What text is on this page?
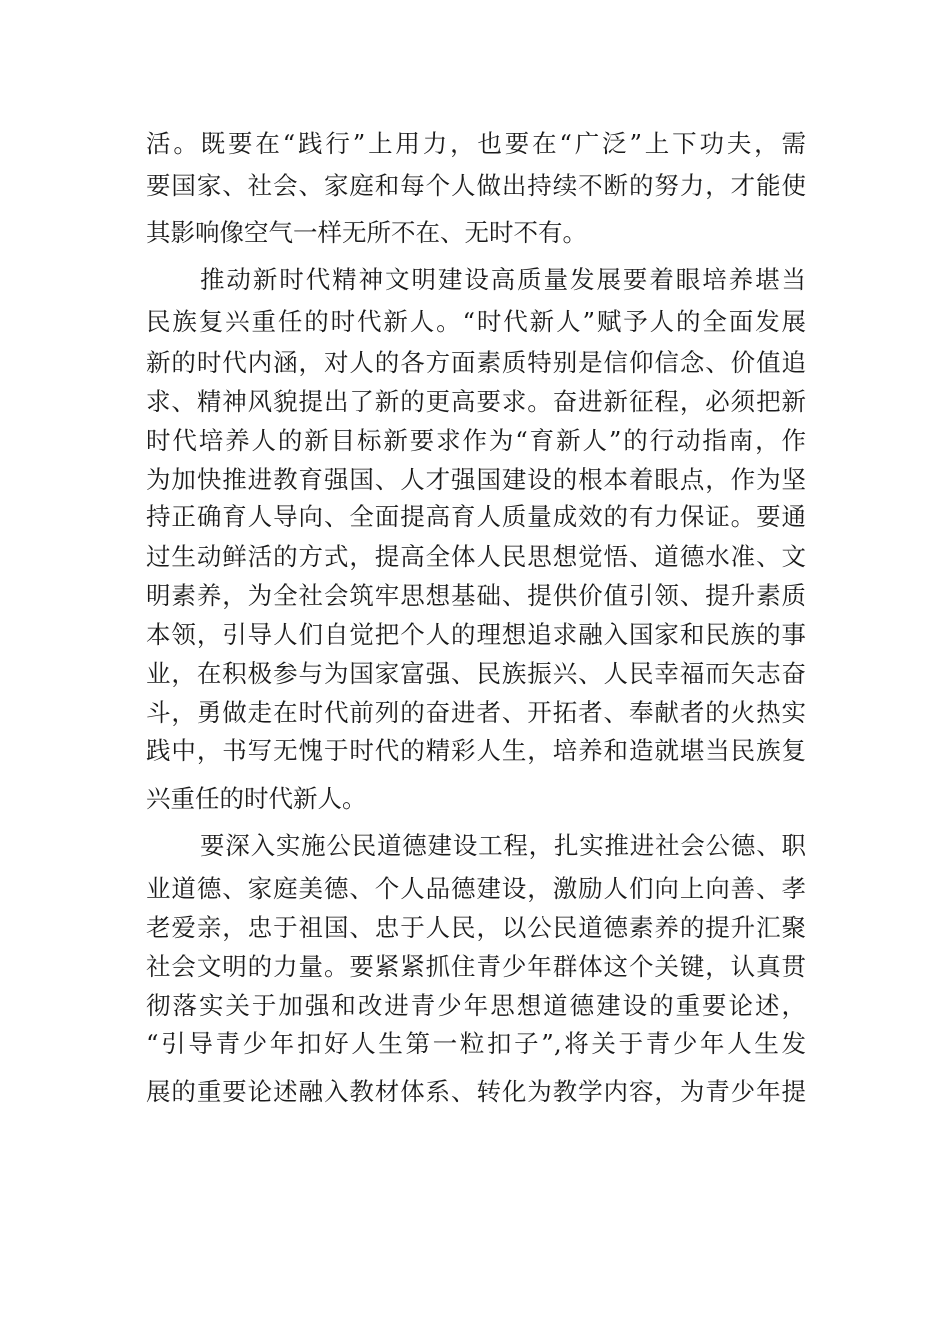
活。既要在“践行”上用力，也要在“广泛”上下功夫，需

要国家、社会、家庭和每个人做出持续不断的努力，才能使

其影响像空气一样无所不在、无时不有。

推动新时代精神文明建设高质量发展要着眼培养堪当

民族复兴重任的时代新人。“时代新人”赋予人的全面发展

新的时代内涵，对人的各方面素质特别是信仰信念、价值追

求、精神风貌提出了新的更高要求。奋进新征程，必须把新

时代培养人的新目标新要求作为“育新人”的行动指南，作

为加快推进教育强国、人才强国建设的根本着眼点，作为坚

持正确育人导向、全面提高育人质量成效的有力保证。要通

过生动鲜活的方式，提高全体人民思想觉悟、道德水准、文

明素养，为全社会筑牢思想基础、提供价值引领、提升素质

本领，引导人们自觉把个人的理想追求融入国家和民族的事

业，在积极参与为国家富强、民族振兴、人民幸福而矢志奋

斗，勇做走在时代前列的奋进者、开拓者、奉献者的火热实

践中，书写无愧于时代的精彩人生，培养和造就堪当民族复

兴重任的时代新人。

要深入实施公民道德建设工程，扎实推进社会公德、职

业道德、家庭美德、个人品德建设，激励人们向上向善、孝

老爱亲，忠于祖国、忠于人民，以公民道德素养的提升汇聚

社会文明的力量。要紧紧抓住青少年群体这个关键，认真贯

彻落实关于加强和改进青少年思想道德建设的重要论述，

“引导青少年扣好人生第一粒扣子”,将关于青少年人生发

展的重要论述融入教材体系、转化为教学内容，为青少年提
